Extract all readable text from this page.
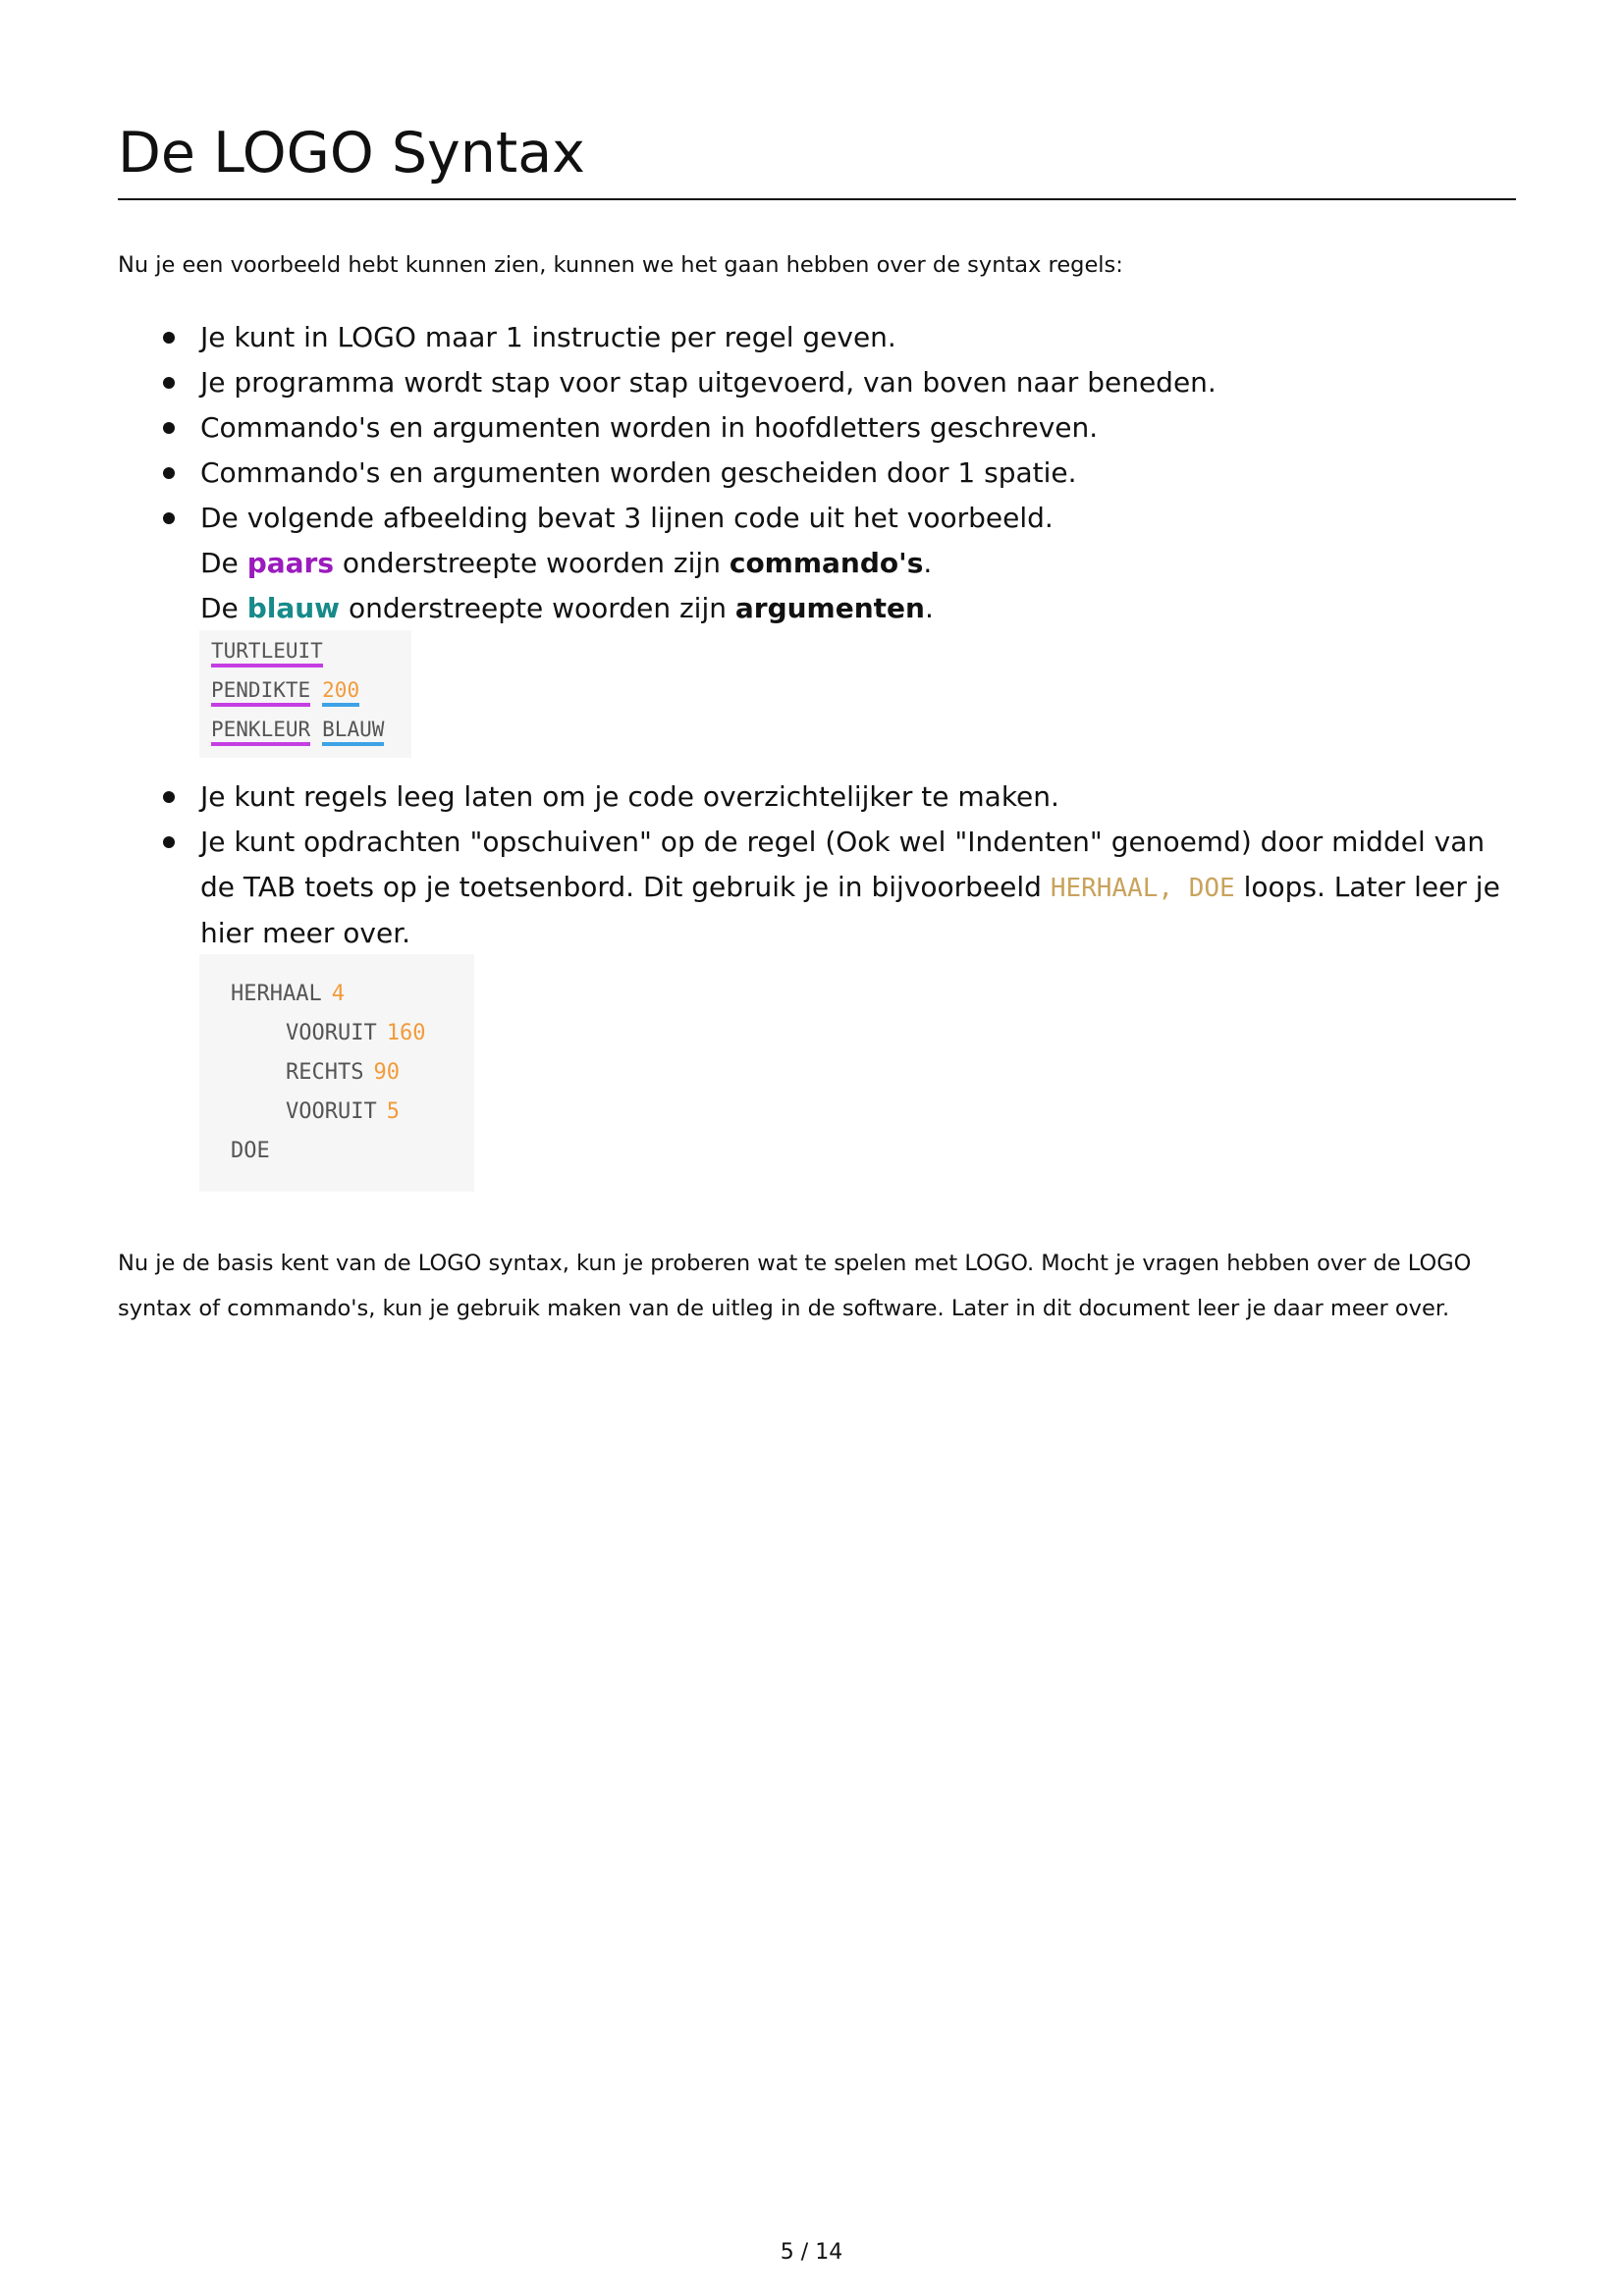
De LOGO Syntax

Nu je een voorbeeld hebt kunnen zien, kunnen we het gaan hebben over de syntax regels:

Je kunt in LOGO maar 1 instructie per regel geven.
Je programma wordt stap voor stap uitgevoerd, van boven naar beneden.
Commando's en argumenten worden in hoofdletters geschreven.
Commando's en argumenten worden gescheiden door 1 spatie.
De volgende afbeelding bevat 3 lijnen code uit het voorbeeld.
De paars onderstreepte woorden zijn commando's.
De blauw onderstreepte woorden zijn argumenten.
TURTLEUIT
PENDIKTE 200
PENKLEUR BLAUW
Je kunt regels leeg laten om je code overzichtelijker te maken.
Je kunt opdrachten "opschuiven" op de regel (Ook wel "Indenten" genoemd) door middel van de TAB toets op je toetsenbord. Dit gebruik je in bijvoorbeeld HERHAAL, DOE loops. Later leer je hier meer over.
HERHAAL 4
VOORUIT 160
RECHTS 90
VOORUIT 5
DOE

Nu je de basis kent van de LOGO syntax, kun je proberen wat te spelen met LOGO. Mocht je vragen hebben over de LOGO syntax of commando's, kun je gebruik maken van de uitleg in de software. Later in dit document leer je daar meer over.

5 / 14
